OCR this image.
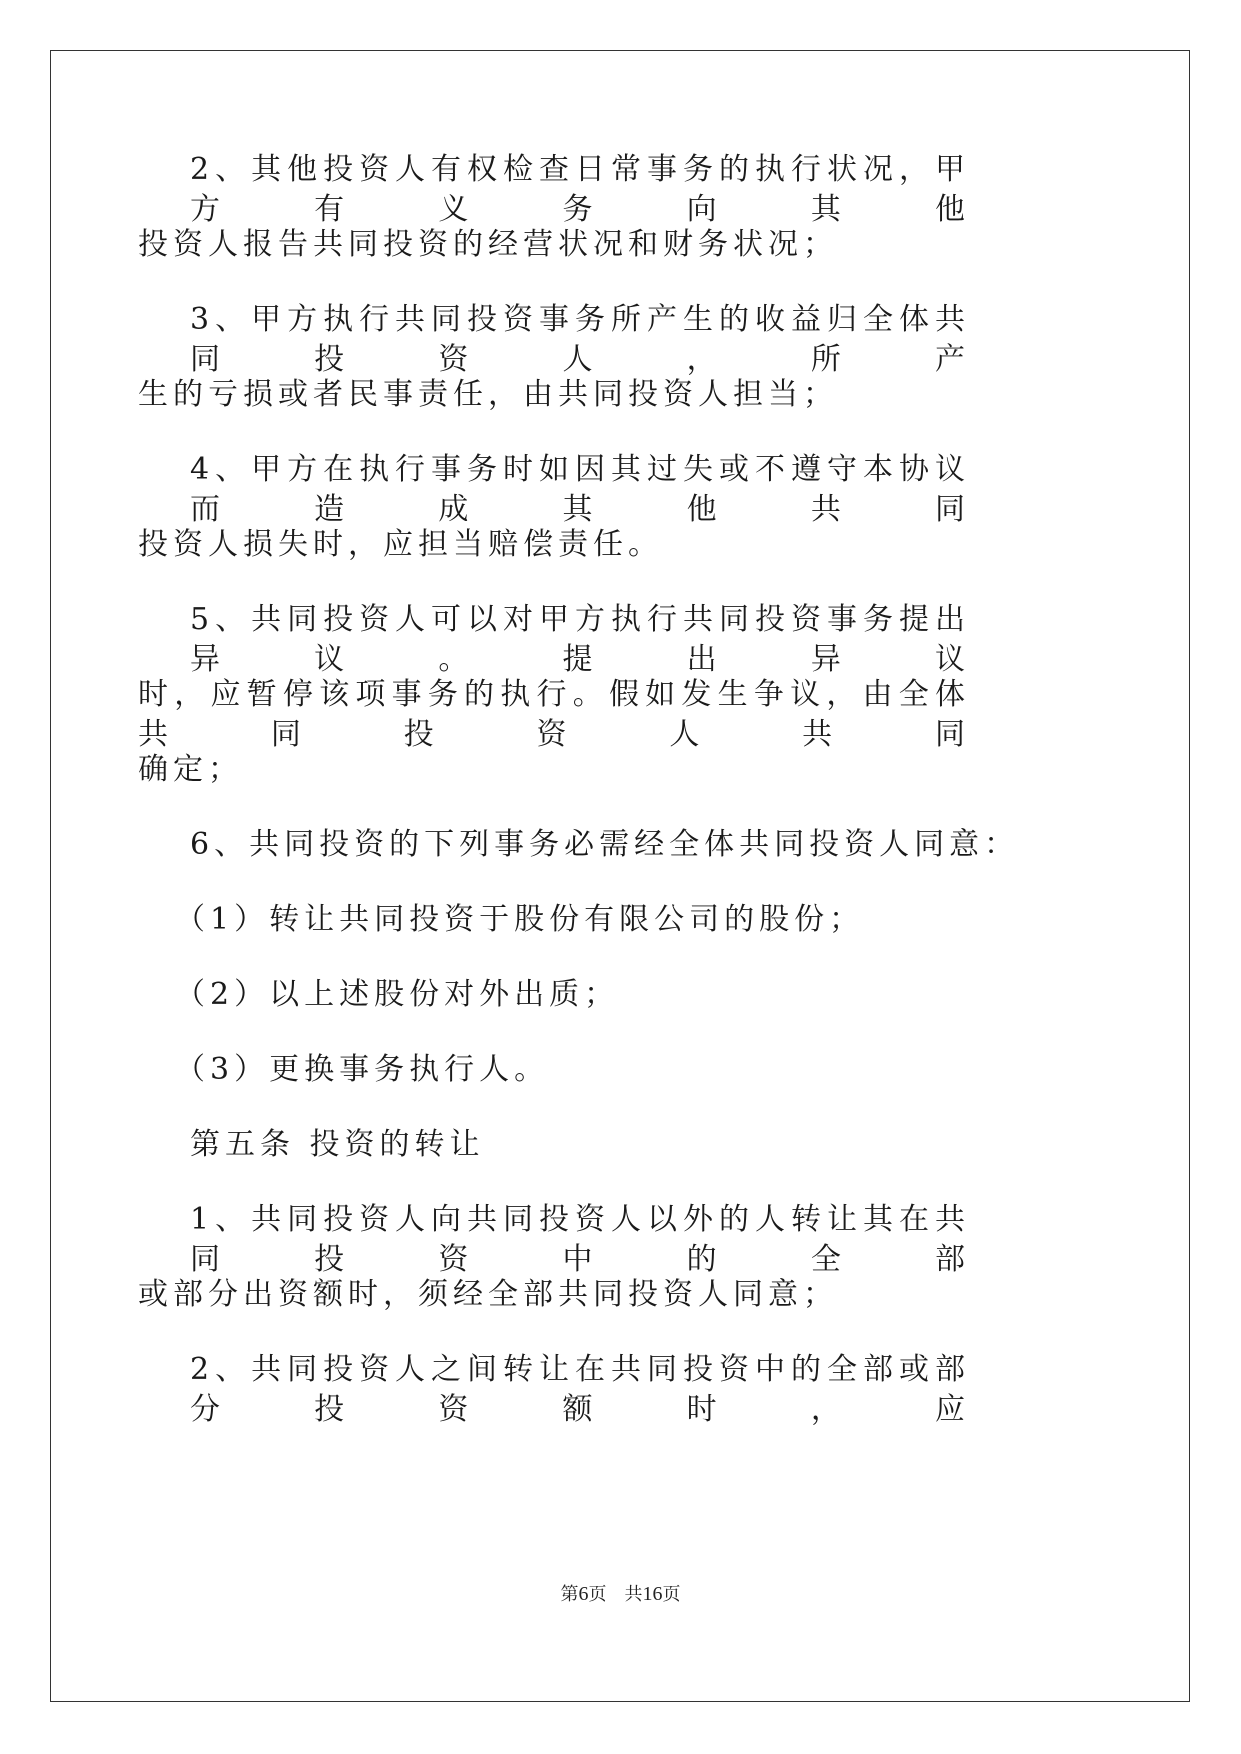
2、其他投资人有权检查日常事务的执行状况，甲方有义务向其他
投资人报告共同投资的经营状况和财务状况；
3、甲方执行共同投资事务所产生的收益归全体共同投资人，所产
生的亏损或者民事责任，由共同投资人担当；
4、甲方在执行事务时如因其过失或不遵守本协议而造成其他共同
投资人损失时，应担当赔偿责任。
5、共同投资人可以对甲方执行共同投资事务提出异议。提出异议
时，应暂停该项事务的执行。假如发生争议，由全体共同投资人共同
确定；
6、共同投资的下列事务必需经全体共同投资人同意：
（1）转让共同投资于股份有限公司的股份；
（2）以上述股份对外出质；
（3）更换事务执行人。
第五条 投资的转让
1、共同投资人向共同投资人以外的人转让其在共同投资中的全部
或部分出资额时，须经全部共同投资人同意；
2、共同投资人之间转让在共同投资中的全部或部分投资额时，应
第6页 共16页
